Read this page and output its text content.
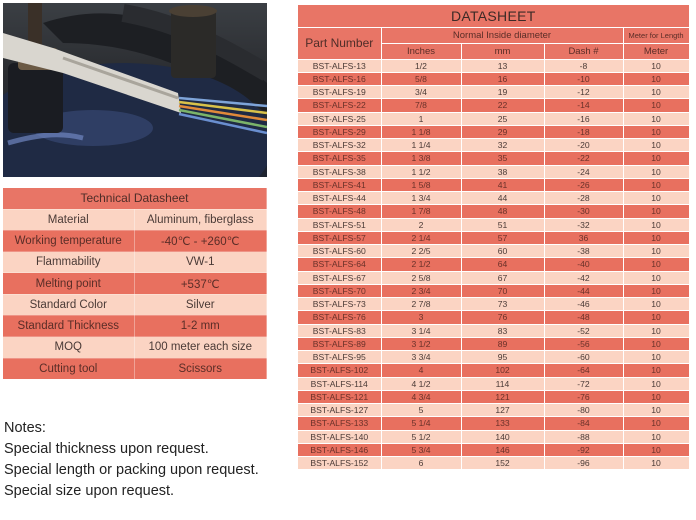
Technical Datasheet	
Material	Aluminum, fiberglass
Working temperature	-40℃ - +260℃
Flammability	VW-1
Melting point	+537℃
Standard Color	Silver
Standard Thickness	1-2 mm
MOQ	100 meter each size
Cutting tool	Scissors
Notes:
Special thickness upon request.
Special length or packing upon request.
Special size upon request.
DATASHEET				
Part Number	Normal Inside diameter			Meter for Length
	Inches	mm	Dash #	Meter
BST-ALFS-13	1/2	13	-8	10
BST-ALFS-16	5/8	16	-10	10
BST-ALFS-19	3/4	19	-12	10
BST-ALFS-22	7/8	22	-14	10
BST-ALFS-25	1	25	-16	10
BST-ALFS-29	1 1/8	29	-18	10
BST-ALFS-32	1 1/4	32	-20	10
BST-ALFS-35	1 3/8	35	-22	10
BST-ALFS-38	1 1/2	38	-24	10
BST-ALFS-41	1 5/8	41	-26	10
BST-ALFS-44	1 3/4	44	-28	10
BST-ALFS-48	1 7/8	48	-30	10
BST-ALFS-51	2	51	-32	10
BST-ALFS-57	2 1/4	57	36	10
BST-ALFS-60	2 2/5	60	-38	10
BST-ALFS-64	2 1/2	64	-40	10
BST-ALFS-67	2 5/8	67	-42	10
BST-ALFS-70	2 3/4	70	-44	10
BST-ALFS-73	2 7/8	73	-46	10
BST-ALFS-76	3	76	-48	10
BST-ALFS-83	3 1/4	83	-52	10
BST-ALFS-89	3 1/2	89	-56	10
BST-ALFS-95	3 3/4	95	-60	10
BST-ALFS-102	4	102	-64	10
BST-ALFS-114	4 1/2	114	-72	10
BST-ALFS-121	4 3/4	121	-76	10
BST-ALFS-127	5	127	-80	10
BST-ALFS-133	5 1/4	133	-84	10
BST-ALFS-140	5 1/2	140	-88	10
BST-ALFS-146	5 3/4	146	-92	10
BST-ALFS-152	6	152	-96	10
